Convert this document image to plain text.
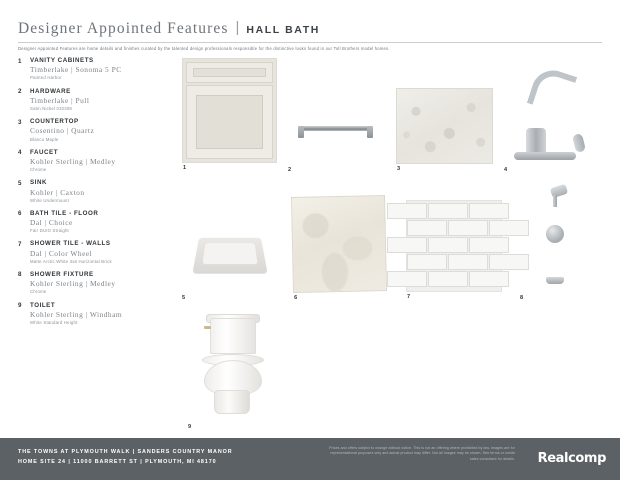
Designer Appointed Features | HALL BATH
Designer Appointed Features are home details and finishes curated by the talented design professionals responsible for the distinctive looks found in our Toll Brothers model homes.
1 VANITY CABINETS
Timberlake | Sonoma 5 PC
Painted Harbor
2 HARDWARE
Timberlake | Pull
Satin Nickel 032308
3 COUNTERTOP
Cosentino | Quartz
Blanco Maple
4 FAUCET
Kohler Sterling | Medley
Chrome
5 SINK
Kohler | Caxton
White Undermount
6 BATH TILE - FLOOR
Dal | Choice
Fair DUIO Straight
7 SHOWER TILE - WALLS
Dal | Color Wheel
Matte Arctic White 3x6 Horizontal Brick
8 SHOWER FIXTURE
Kohler Sterling | Medley
Chrome
9 TOILET
Kohler Sterling | Windham
White Standard Height
1	2	3	4
5	6	7	8
9
THE TOWNS AT PLYMOUTH WALK | SANDERS COUNTRY MANOR
HOME SITE 24 | 11000 BARRETT ST | PLYMOUTH, MI 48170
Prices and offers subject to change without notice. This is not an offering where prohibited by law. Images are for representational purposes only and actual product may differ. Not all images may be shown. See terms or onsite sales consultant for details. Realcomp
